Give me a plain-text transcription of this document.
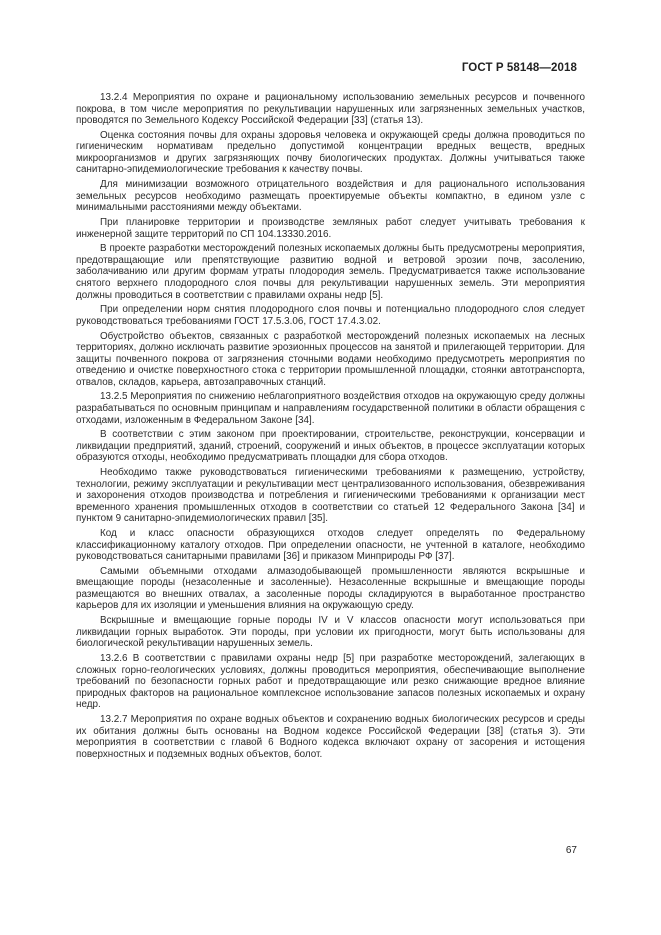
ГОСТ Р 58148—2018

13.2.4 Мероприятия по охране и рациональному использованию земельных ресурсов и почвенного покрова, в том числе мероприятия по рекультивации нарушенных или загрязненных земельных участков, проводятся по Земельного Кодексу Российской Федерации [33] (статья 13).

Оценка состояния почвы для охраны здоровья человека и окружающей среды должна проводиться по гигиеническим нормативам предельно допустимой концентрации вредных веществ, вредных микроорганизмов и других загрязняющих почву биологических продуктах. Должны учитываться также санитарно-эпидемиологические требования к качеству почвы.

Для минимизации возможного отрицательного воздействия и для рационального использования земельных ресурсов необходимо размещать проектируемые объекты компактно, в едином узле с минимальными расстояниями между объектами.

При планировке территории и производстве земляных работ следует учитывать требования к инженерной защите территорий по СП 104.13330.2016.

В проекте разработки месторождений полезных ископаемых должны быть предусмотрены мероприятия, предотвращающие или препятствующие развитию водной и ветровой эрозии почв, засолению, заболачиванию или другим формам утраты плодородия земель. Предусматривается также использование снятого верхнего плодородного слоя почвы для рекультивации нарушенных земель. Эти мероприятия должны проводиться в соответствии с правилами охраны недр [5].

При определении норм снятия плодородного слоя почвы и потенциально плодородного слоя следует руководствоваться требованиями ГОСТ 17.5.3.06, ГОСТ 17.4.3.02.

Обустройство объектов, связанных с разработкой месторождений полезных ископаемых на лесных территориях, должно исключать развитие эрозионных процессов на занятой и прилегающей территории. Для защиты почвенного покрова от загрязнения сточными водами необходимо предусмотреть мероприятия по отведению и очистке поверхностного стока с территории промышленной площадки, стоянки автотранспорта, отвалов, складов, карьера, автозаправочных станций.

13.2.5 Мероприятия по снижению неблагоприятного воздействия отходов на окружающую среду должны разрабатываться по основным принципам и направлениям государственной политики в области обращения с отходами, изложенным в Федеральном Законе [34].

В соответствии с этим законом при проектировании, строительстве, реконструкции, консервации и ликвидации предприятий, зданий, строений, сооружений и иных объектов, в процессе эксплуатации которых образуются отходы, необходимо предусматривать площадки для сбора отходов.

Необходимо также руководствоваться гигиеническими требованиями к размещению, устройству, технологии, режиму эксплуатации и рекультивации мест централизованного использования, обезвреживания и захоронения отходов производства и потребления и гигиеническими требованиями к организации мест временного хранения промышленных отходов в соответствии со статьей 12 Федерального Закона [34] и пунктом 9 санитарно-эпидемиологических правил [35].

Код и класс опасности образующихся отходов следует определять по Федеральному классификационному каталогу отходов. При определении опасности, не учтенной в каталоге, необходимо руководствоваться санитарными правилами [36] и приказом Минприроды РФ [37].

Самыми объемными отходами алмазодобывающей промышленности являются вскрышные и вмещающие породы (незасоленные и засоленные). Незасоленные вскрышные и вмещающие породы размещаются во внешних отвалах, а засоленные породы складируются в выработанное пространство карьеров для их изоляции и уменьшения влияния на окружающую среду.

Вскрышные и вмещающие горные породы IV и V классов опасности могут использоваться при ликвидации горных выработок. Эти породы, при условии их пригодности, могут быть использованы для биологической рекультивации нарушенных земель.

13.2.6 В соответствии с правилами охраны недр [5] при разработке месторождений, залегающих в сложных горно-геологических условиях, должны проводиться мероприятия, обеспечивающие выполнение требований по безопасности горных работ и предотвращающие или резко снижающие вредное влияние природных факторов на рациональное комплексное использование запасов полезных ископаемых и охрану недр.

13.2.7 Мероприятия по охране водных объектов и сохранению водных биологических ресурсов и среды их обитания должны быть основаны на Водном кодексе Российской Федерации [38] (статья 3). Эти мероприятия в соответствии с главой 6 Водного кодекса включают охрану от засорения и истощения поверхностных и подземных водных объектов, болот.

67
